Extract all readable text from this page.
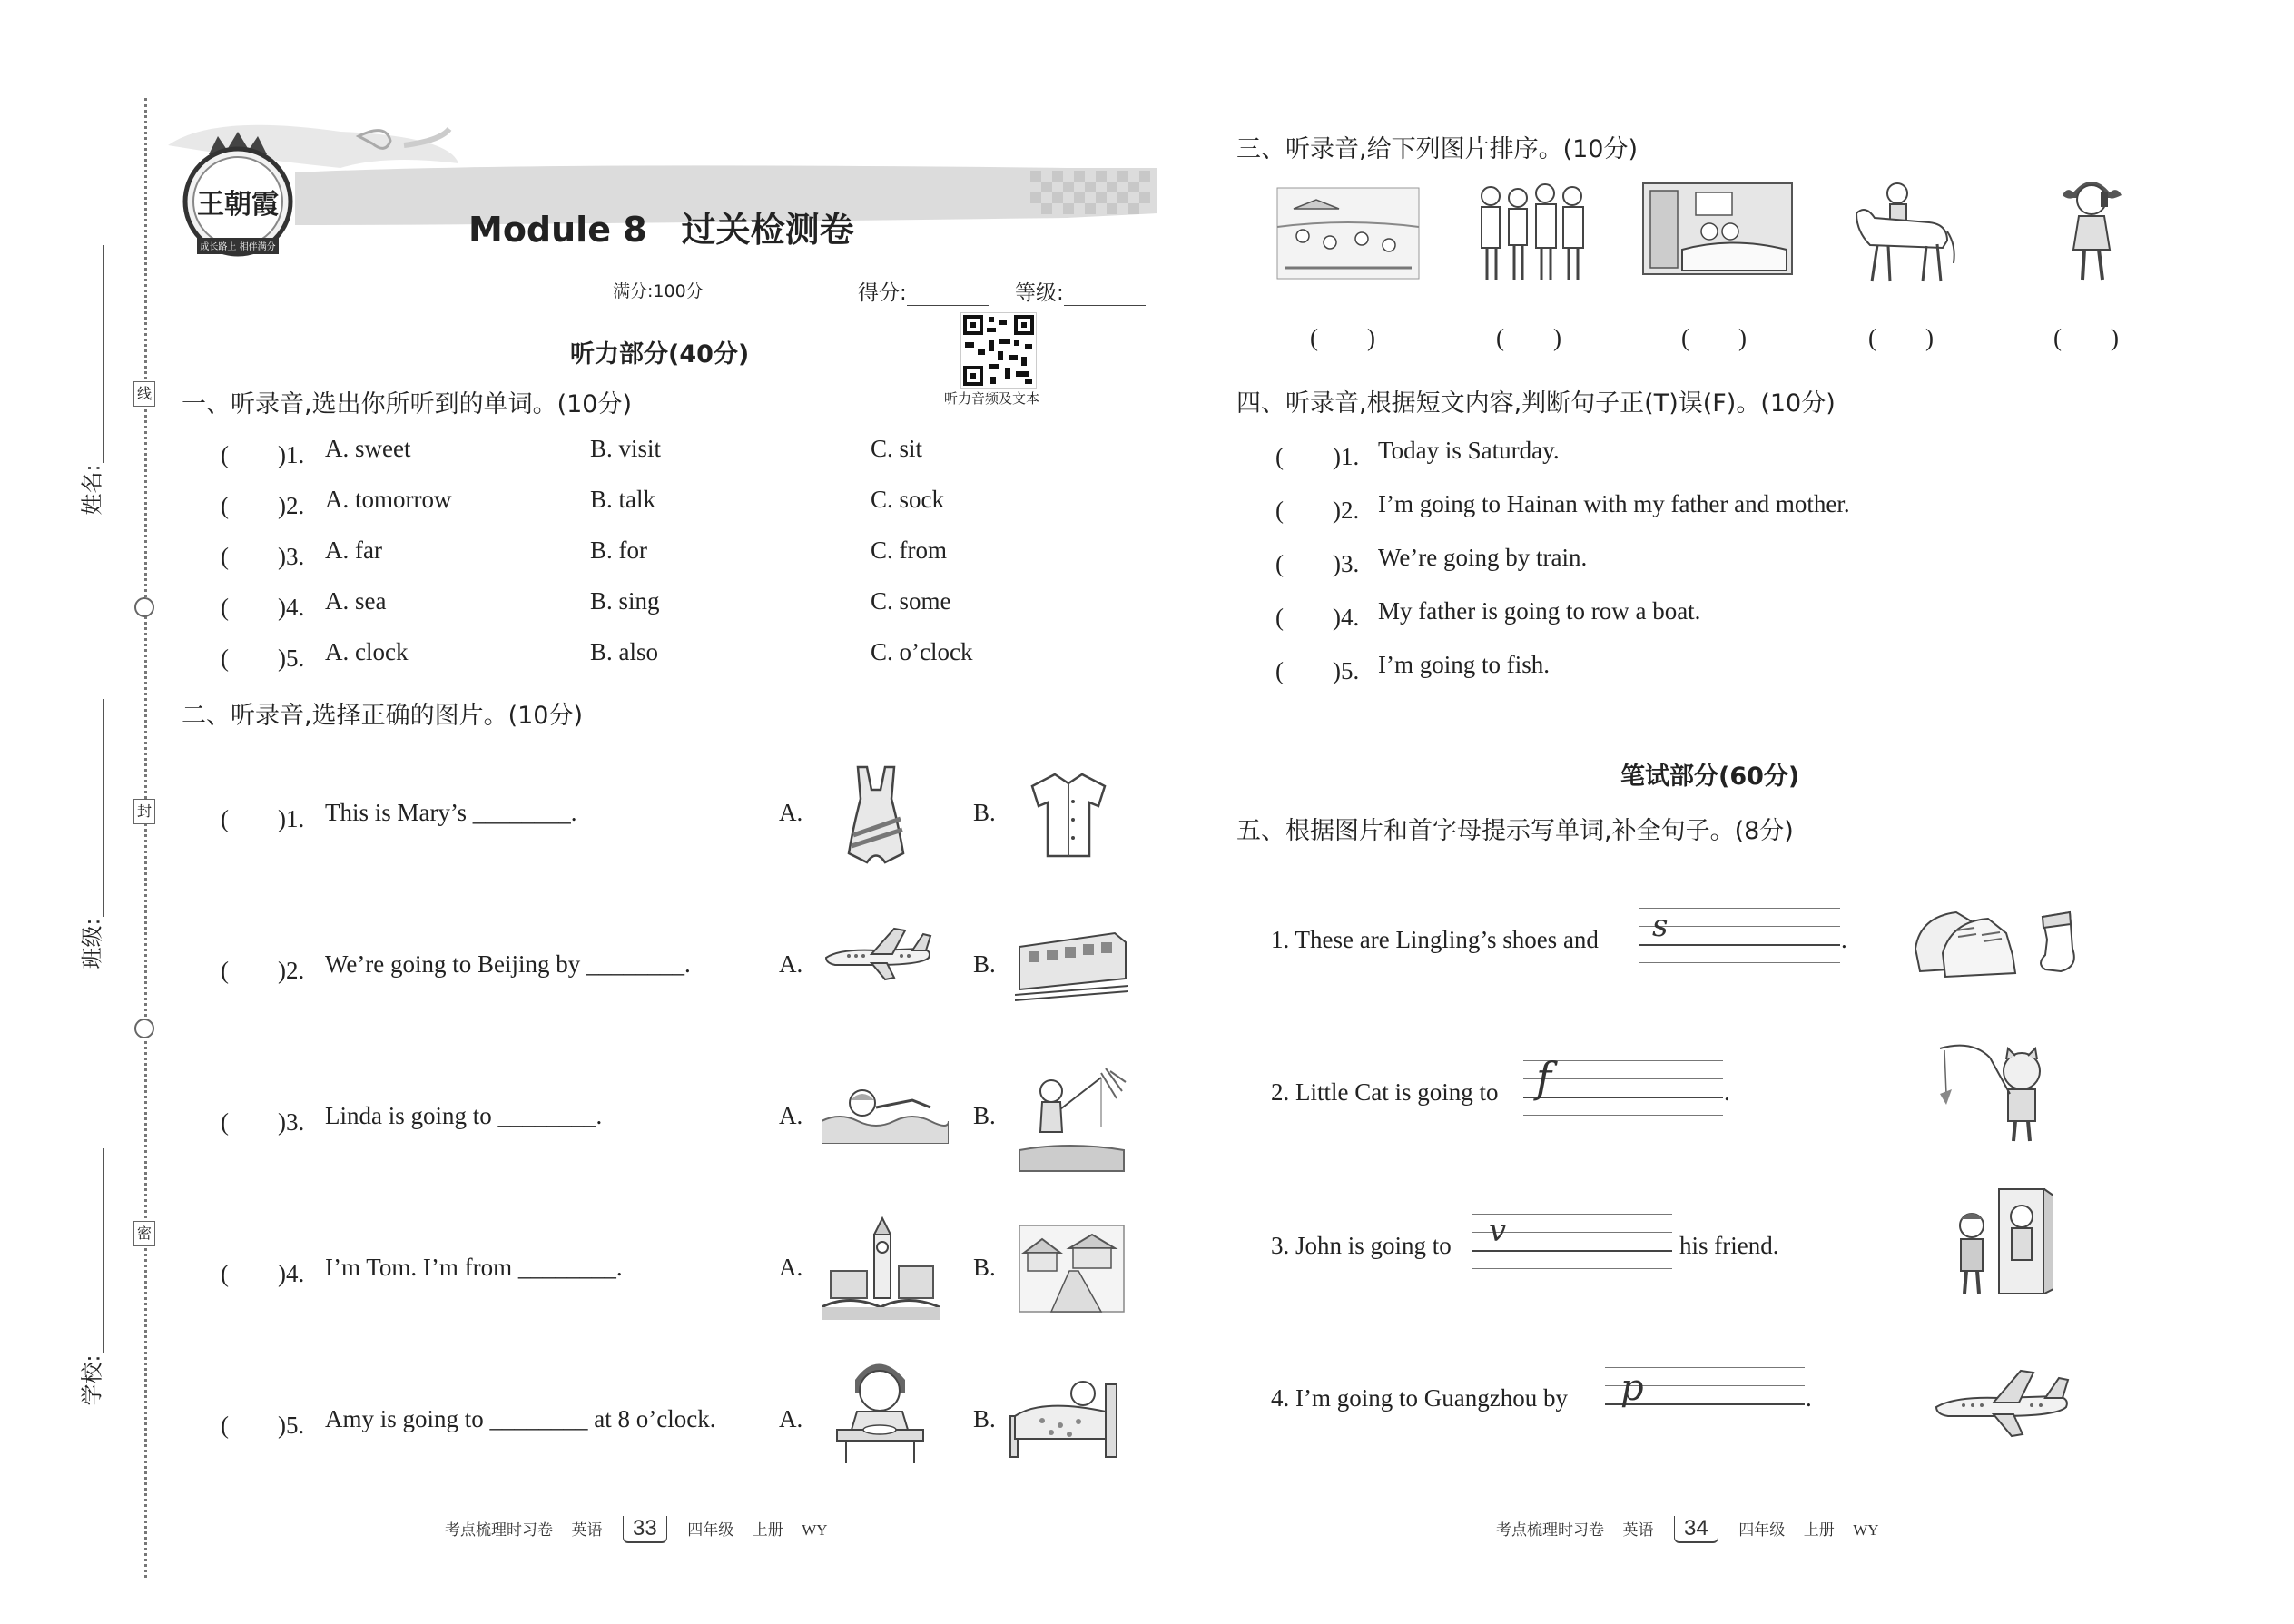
线
封
密
姓名:
班级:
学校:
王朝霞
成长路上 相伴满分	Module 8　过关检测卷
满分:100分	得分:	等级:
听力音频及文本
听力部分(40分)
一、听录音,选出你所听到的单词。(10分)
(　　)1. A. sweet	B. visit	C. sit
(　　)2. A. tomorrow	B. talk	C. sock
(　　)3. A. far	B. for	C. from
(　　)4. A. sea	B. sing	C. some
(　　)5. A. clock	B. also	C. o’clock
二、听录音,选择正确的图片。(10分)
(　　)1. This is Mary’s ________.	A.	B.
(　　)2. We’re going to Beijing by ________.	A.	B.
(　　)3. Linda is going to ________.	A.	B.
(　　)4. I’m Tom. I’m from ________.	A.	B.
(　　)5. Amy is going to ________ at 8 o’clock.	A.	B.
三、听录音,给下列图片排序。(10分)
(　　)	(　　)	(　　)	(　　)	(　　)
四、听录音,根据短文内容,判断句子正(T)误(F)。(10分)
(　　)1. Today is Saturday.
(　　)2. I’m going to Hainan with my father and mother.
(　　)3. We’re going by train.
(　　)4. My father is going to row a boat.
(　　)5. I’m going to fish.
笔试部分(60分)
五、根据图片和首字母提示写单词,补全句子。(8分)
1. These are Lingling’s shoes and s	.
2. Little Cat is going to f	.
3. John is going to v	his friend.
4. I’m going to Guangzhou by p	.
考点梳理时习卷 英语 33 四年级 上册 WY	考点梳理时习卷 英语 34 四年级 上册 WY
